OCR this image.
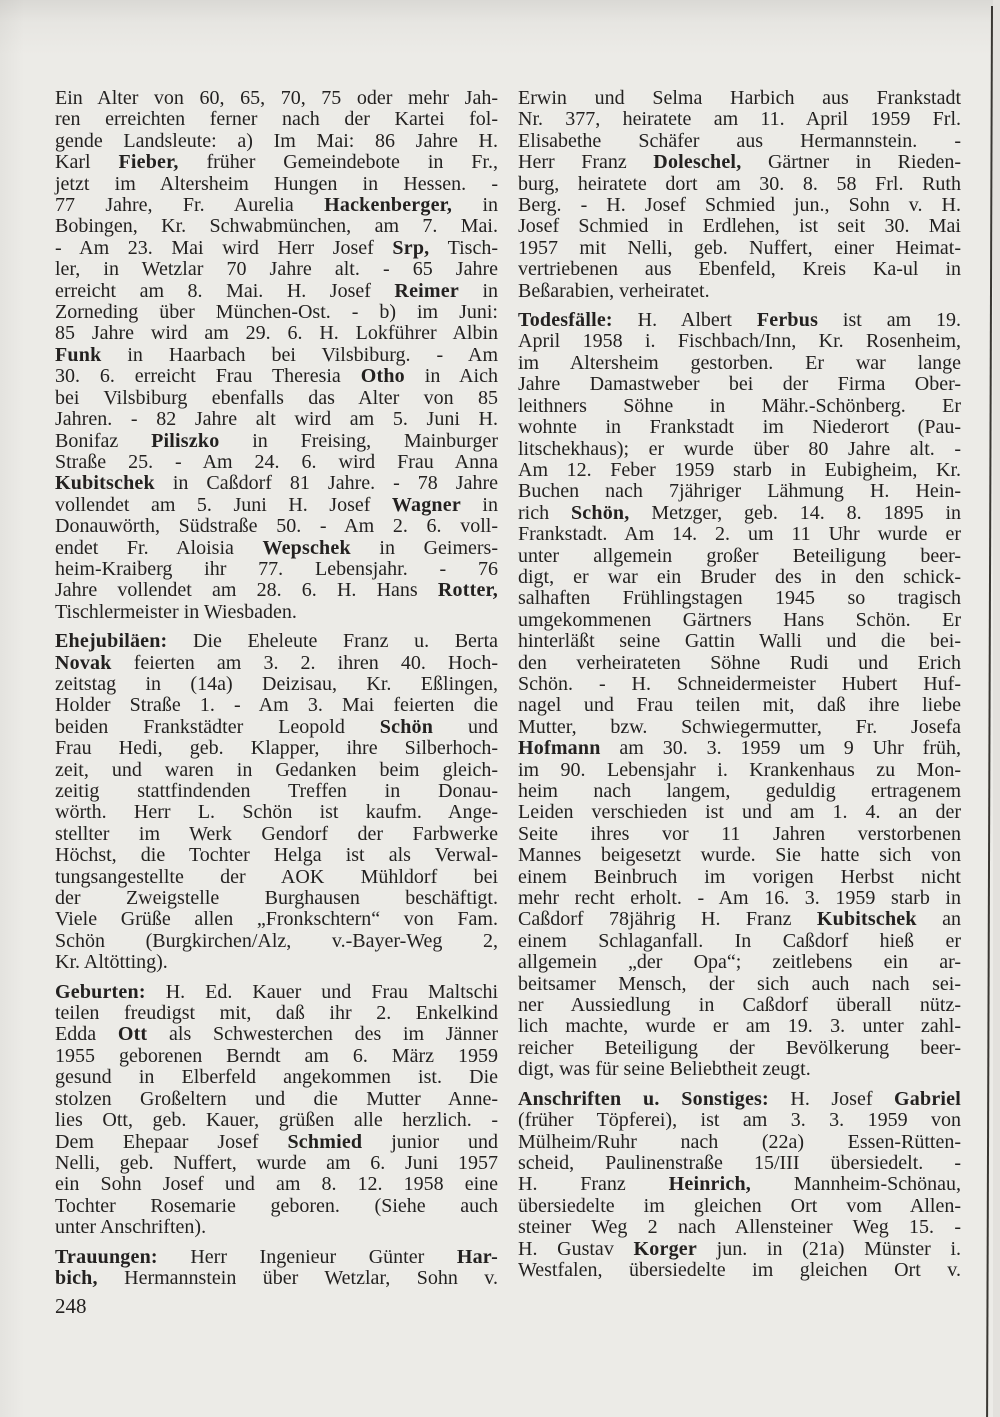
Ein Alter von 60, 65, 70, 75 oder mehr Jah-
ren erreichten ferner nach der Kartei fol-
gende Landsleute: a) Im Mai: 86 Jahre H.
Karl Fieber, früher Gemeindebote in Fr.,
jetzt im Altersheim Hungen in Hessen. -
77 Jahre, Fr. Aurelia Hackenberger, in
Bobingen, Kr. Schwabmünchen, am 7. Mai.
- Am 23. Mai wird Herr Josef Srp, Tisch-
ler, in Wetzlar 70 Jahre alt. - 65 Jahre
erreicht am 8. Mai. H. Josef Reimer in
Zorneding über München-Ost. - b) im Juni:
85 Jahre wird am 29. 6. H. Lokführer Albin
Funk in Haarbach bei Vilsbiburg. - Am
30. 6. erreicht Frau Theresia Otho in Aich
bei Vilsbiburg ebenfalls das Alter von 85
Jahren. - 82 Jahre alt wird am 5. Juni H.
Bonifaz Piliszko in Freising, Mainburger
Straße 25. - Am 24. 6. wird Frau Anna
Kubitschek in Caßdorf 81 Jahre. - 78 Jahre
vollendet am 5. Juni H. Josef Wagner in
Donauwörth, Südstraße 50. - Am 2. 6. voll-
endet Fr. Aloisia Wepschek in Geimers-
heim-Kraiberg ihr 77. Lebensjahr. - 76
Jahre vollendet am 28. 6. H. Hans Rotter,
Tischlermeister in Wiesbaden.
Ehejubiläen: Die Eheleute Franz u. Berta
Novak feierten am 3. 2. ihren 40. Hoch-
zeitstag in (14a) Deizisau, Kr. Eßlingen,
Holder Straße 1. - Am 3. Mai feierten die
beiden Frankstädter Leopold Schön und
Frau Hedi, geb. Klapper, ihre Silberhoch-
zeit, und waren in Gedanken beim gleich-
zeitig stattfindenden Treffen in Donau-
wörth. Herr L. Schön ist kaufm. Ange-
stellter im Werk Gendorf der Farbwerke
Höchst, die Tochter Helga ist als Verwal-
tungsangestellte der AOK Mühldorf bei
der Zweigstelle Burghausen beschäftigt.
Viele Grüße allen „Fronkschtern“ von Fam.
Schön (Burgkirchen/Alz, v.-Bayer-Weg 2,
Kr. Altötting).
Geburten: H. Ed. Kauer und Frau Maltschi
teilen freudigst mit, daß ihr 2. Enkelkind
Edda Ott als Schwesterchen des im Jänner
1955 geborenen Berndt am 6. März 1959
gesund in Elberfeld angekommen ist. Die
stolzen Großeltern und die Mutter Anne-
lies Ott, geb. Kauer, grüßen alle herzlich. -
Dem Ehepaar Josef Schmied junior und
Nelli, geb. Nuffert, wurde am 6. Juni 1957
ein Sohn Josef und am 8. 12. 1958 eine
Tochter Rosemarie geboren. (Siehe auch
unter Anschriften).
Trauungen: Herr Ingenieur Günter Har-
bich, Hermannstein über Wetzlar, Sohn v.
Erwin und Selma Harbich aus Frankstadt
Nr. 377, heiratete am 11. April 1959 Frl.
Elisabethe Schäfer aus Hermannstein. -
Herr Franz Doleschel, Gärtner in Rieden-
burg, heiratete dort am 30. 8. 58 Frl. Ruth
Berg. - H. Josef Schmied jun., Sohn v. H.
Josef Schmied in Erdlehen, ist seit 30. Mai
1957 mit Nelli, geb. Nuffert, einer Heimat-
vertriebenen aus Ebenfeld, Kreis Ka-ul in
Beßarabien, verheiratet.
Todesfälle: H. Albert Ferbus ist am 19.
April 1958 i. Fischbach/Inn, Kr. Rosenheim,
im Altersheim gestorben. Er war lange
Jahre Damastweber bei der Firma Ober-
leithners Söhne in Mähr.-Schönberg. Er
wohnte in Frankstadt im Niederort (Pau-
litschekhaus); er wurde über 80 Jahre alt. -
Am 12. Feber 1959 starb in Eubigheim, Kr.
Buchen nach 7jähriger Lähmung H. Hein-
rich Schön, Metzger, geb. 14. 8. 1895 in
Frankstadt. Am 14. 2. um 11 Uhr wurde er
unter allgemein großer Beteiligung beer-
digt, er war ein Bruder des in den schick-
salhaften Frühlingstagen 1945 so tragisch
umgekommenen Gärtners Hans Schön. Er
hinterläßt seine Gattin Walli und die bei-
den verheirateten Söhne Rudi und Erich
Schön. - H. Schneidermeister Hubert Huf-
nagel und Frau teilen mit, daß ihre liebe
Mutter, bzw. Schwiegermutter, Fr. Josefa
Hofmann am 30. 3. 1959 um 9 Uhr früh,
im 90. Lebensjahr i. Krankenhaus zu Mon-
heim nach langem, geduldig ertragenem
Leiden verschieden ist und am 1. 4. an der
Seite ihres vor 11 Jahren verstorbenen
Mannes beigesetzt wurde. Sie hatte sich von
einem Beinbruch im vorigen Herbst nicht
mehr recht erholt. - Am 16. 3. 1959 starb in
Caßdorf 78jährig H. Franz Kubitschek an
einem Schlaganfall. In Caßdorf hieß er
allgemein „der Opa“; zeitlebens ein ar-
beitsamer Mensch, der sich auch nach sei-
ner Aussiedlung in Caßdorf überall nütz-
lich machte, wurde er am 19. 3. unter zahl-
reicher Beteiligung der Bevölkerung beer-
digt, was für seine Beliebtheit zeugt.
Anschriften u. Sonstiges: H. Josef Gabriel
(früher Töpferei), ist am 3. 3. 1959 von
Mülheim/Ruhr nach (22a) Essen-Rütten-
scheid, Paulinenstraße 15/III übersiedelt. -
H. Franz Heinrich, Mannheim-Schönau,
übersiedelte im gleichen Ort vom Allen-
steiner Weg 2 nach Allensteiner Weg 15. -
H. Gustav Korger jun. in (21a) Münster i.
Westfalen, übersiedelte im gleichen Ort v.
248
